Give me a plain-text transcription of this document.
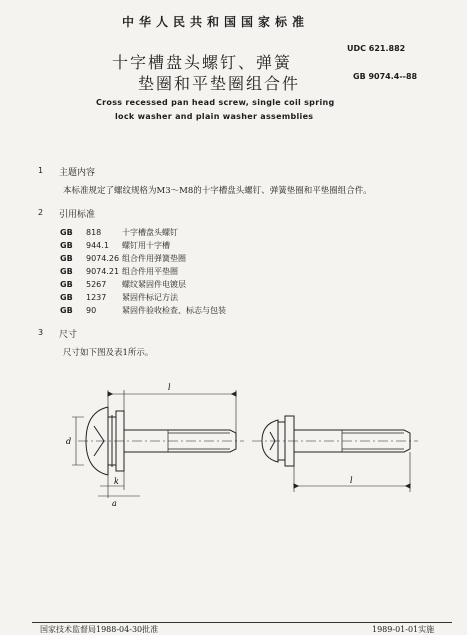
中华人民共和国国家标准
UDC 621.882
GB 9074.4--88
十字槽盘头螺钉、弹簧
垫圈和平垫圈组合件
Cross recessed pan head screw, single coil spring
lock washer and plain washer assemblies
1 主题内容
本标准规定了螺纹规格为M3～M8的十字槽盘头螺钉、弹簧垫圈和平垫圈组合件。
2 引用标准
GB 818	十字槽盘头螺钉
GB 944.1 螺钉用十字槽
GB 9074.26 组合件用弹簧垫圈
GB 9074.21 组合件用平垫圈
GB 5267 螺纹紧固件电镀层
GB 1237 紧固件标记方法
GB 90	紧固件验收检查、标志与包装
3 尺寸
尺寸如下图及表1所示。
d
l
k
a
l
国家技术监督局1988-04-30批准	1989-01-01实施
